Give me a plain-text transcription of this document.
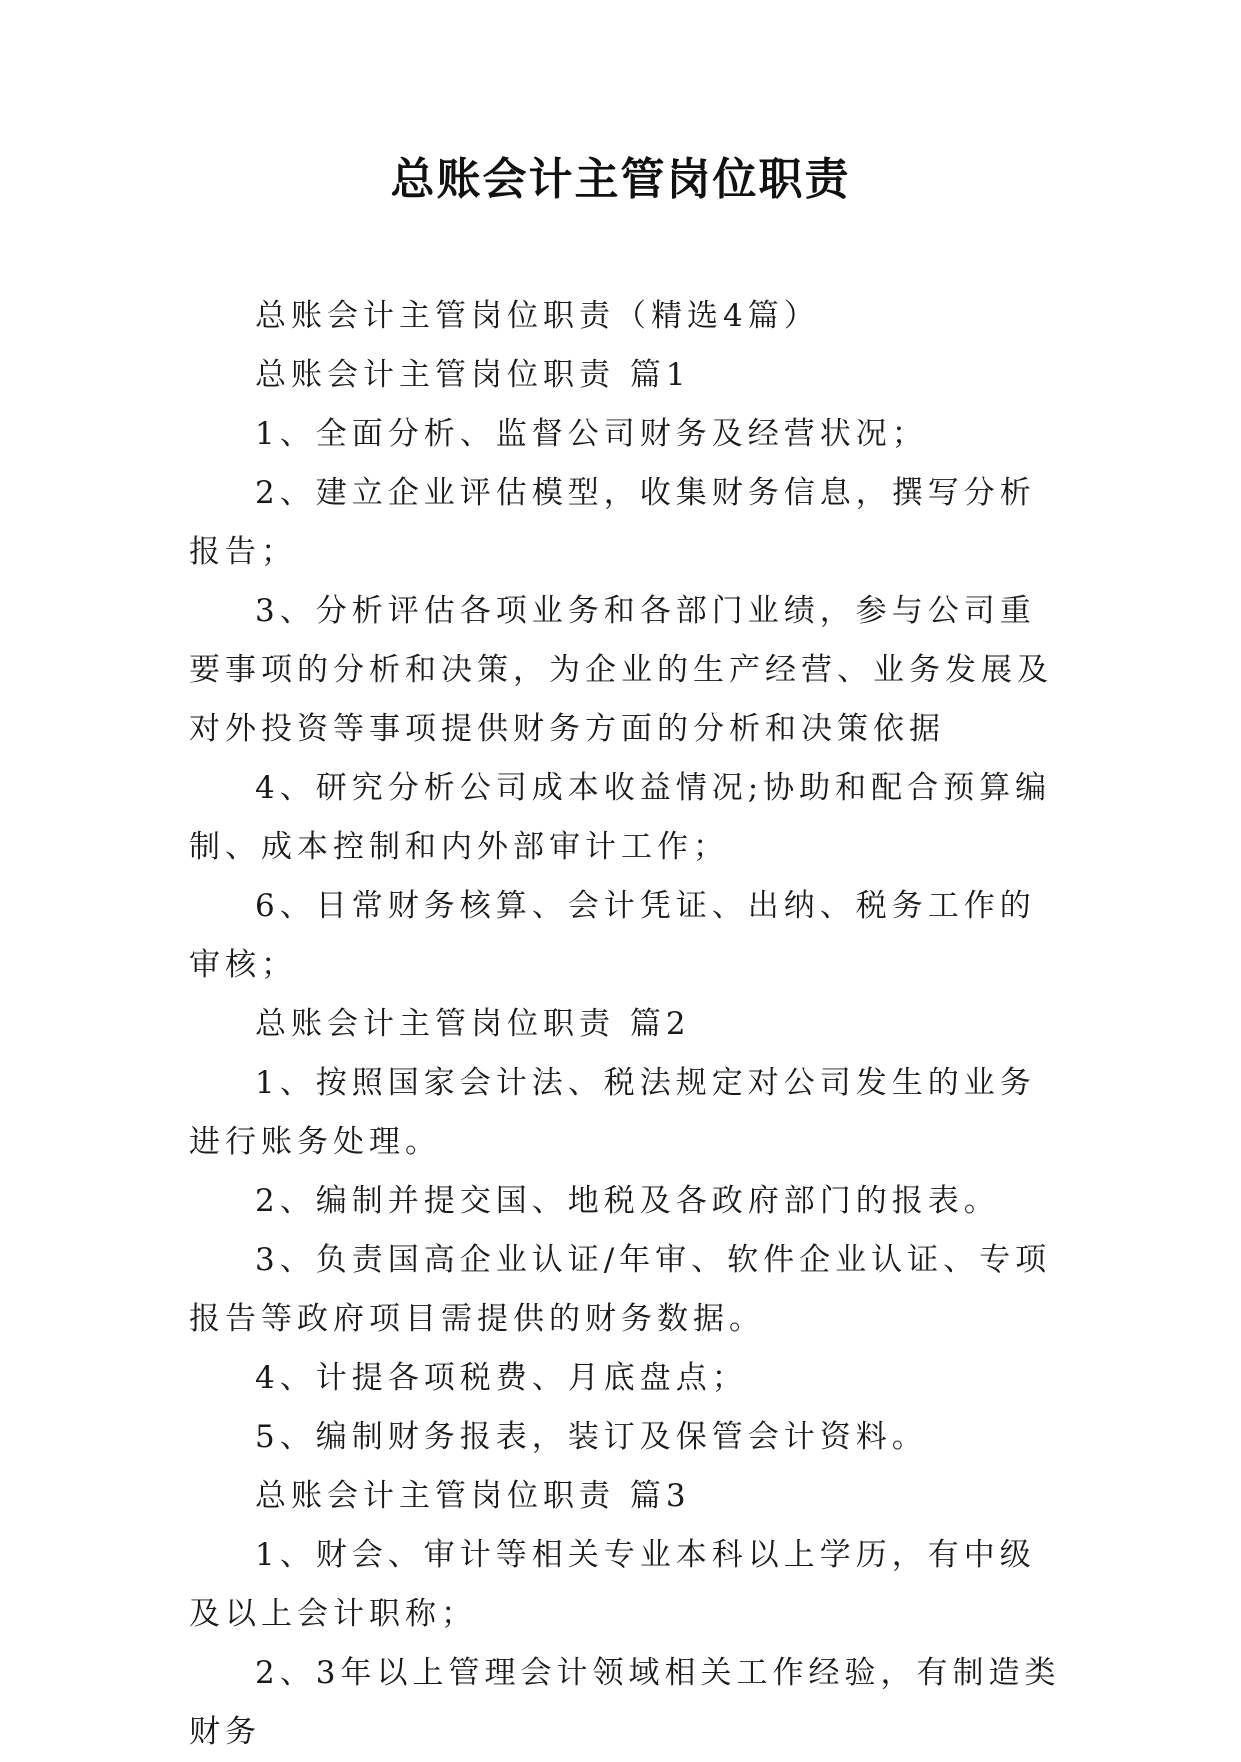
总账会计主管岗位职责

总账会计主管岗位职责（精选4篇）

总账会计主管岗位职责 篇1

1、全面分析、监督公司财务及经营状况；

2、建立企业评估模型，收集财务信息，撰写分析报告；

3、分析评估各项业务和各部门业绩，参与公司重要事项的分析和决策，为企业的生产经营、业务发展及对外投资等事项提供财务方面的分析和决策依据

4、研究分析公司成本收益情况;协助和配合预算编制、成本控制和内外部审计工作；

6、日常财务核算、会计凭证、出纳、税务工作的审核；

总账会计主管岗位职责 篇2

1、按照国家会计法、税法规定对公司发生的业务进行账务处理。

2、编制并提交国、地税及各政府部门的报表。

3、负责国高企业认证/年审、软件企业认证、专项报告等政府项目需提供的财务数据。

4、计提各项税费、月底盘点；

5、编制财务报表，装订及保管会计资料。

总账会计主管岗位职责 篇3

1、财会、审计等相关专业本科以上学历，有中级及以上会计职称；

2、3年以上管理会计领域相关工作经验，有制造类财务
